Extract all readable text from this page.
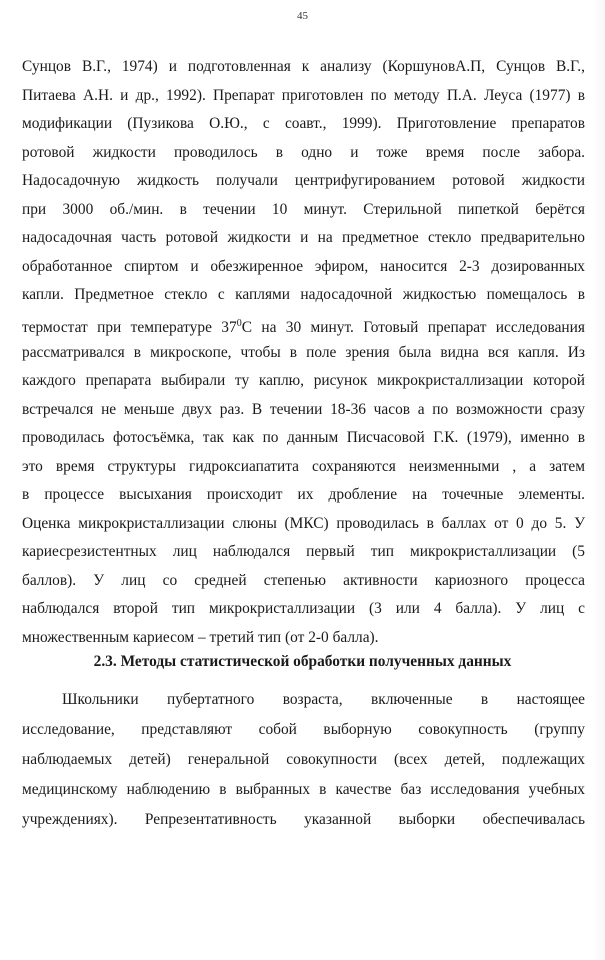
45
Сунцов В.Г., 1974) и подготовленная к анализу (КоршуновА.П, Сунцов В.Г.,
Питаева А.Н. и др., 1992). Препарат приготовлен по методу П.А. Леуса (1977) в
модификации (Пузикова О.Ю., с соавт., 1999). Приготовление препаратов
ротовой жидкости проводилось в одно и тоже время после забора.
Надосадочную жидкость получали центрифугированием ротовой жидкости
при 3000 об./мин. в течении 10 минут. Стерильной пипеткой берётся
надосадочная часть ротовой жидкости и на предметное стекло предварительно
обработанное спиртом и обезжиренное эфиром, наносится 2-3 дозированных
капли. Предметное стекло с каплями надосадочной жидкостью помещалось в
термостат при температуре $37^0С$ на 30 минут. Готовый препарат исследования
рассматривался в микроскопе, чтобы в поле зрения была видна вся капля. Из
каждого препарата выбирали ту каплю, рисунок микрокристаллизации которой
встречался не меньше двух раз. В течении 18-36 часов а по возможности сразу
проводилась фотосъёмка, так как по данным Писчасовой Г.К. (1979), именно в
это время структуры гидроксиапатита сохраняются неизменными , а затем
в процессе высыхания происходит их дробление на точечные элементы.
Оценка микрокристаллизации слюны (МКС) проводилась в баллах от 0 до 5. У
кариесрезистентных лиц наблюдался первый тип микрокристаллизации (5
баллов). У лиц со средней степенью активности кариозного процесса
наблюдался второй тип микрокристаллизации (3 или 4 балла). У лиц с
множественным кариесом – третий тип (от 2-0 балла).
2.3. Методы статистической обработки полученных данных
Школьники пубертатного возраста, включенные в настоящее
исследование, представляют собой выборную совокупность (группу
наблюдаемых детей) генеральной совокупности (всех детей, подлежащих
медицинскому наблюдению в выбранных в качестве баз исследования учебных
учреждениях). Репрезентативность указанной выборки обеспечивалась
